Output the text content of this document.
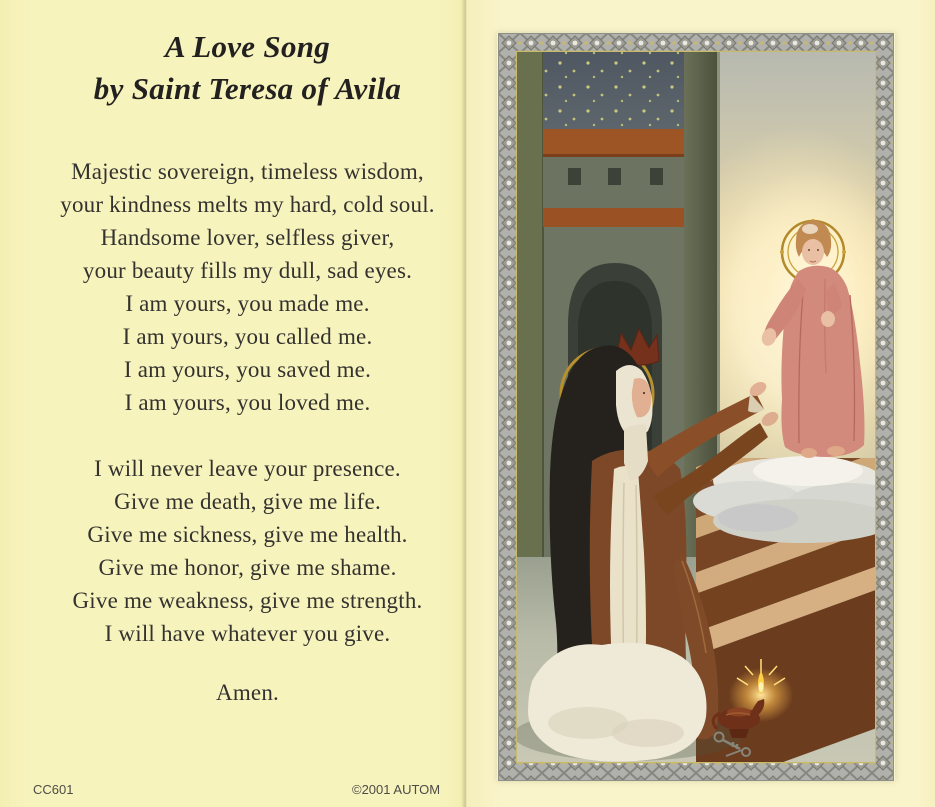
A Love Song
by Saint Teresa of Avila
Majestic sovereign, timeless wisdom,
your kindness melts my hard, cold soul.
Handsome lover, selfless giver,
your beauty fills my dull, sad eyes.
I am yours, you made me.
I am yours, you called me.
I am yours, you saved me.
I am yours, you loved me.
I will never leave your presence.
Give me death, give me life.
Give me sickness, give me health.
Give me honor, give me shame.
Give me weakness, give me strength.
I will have whatever you give.
Amen.
CC601	©2001 AUTOM
